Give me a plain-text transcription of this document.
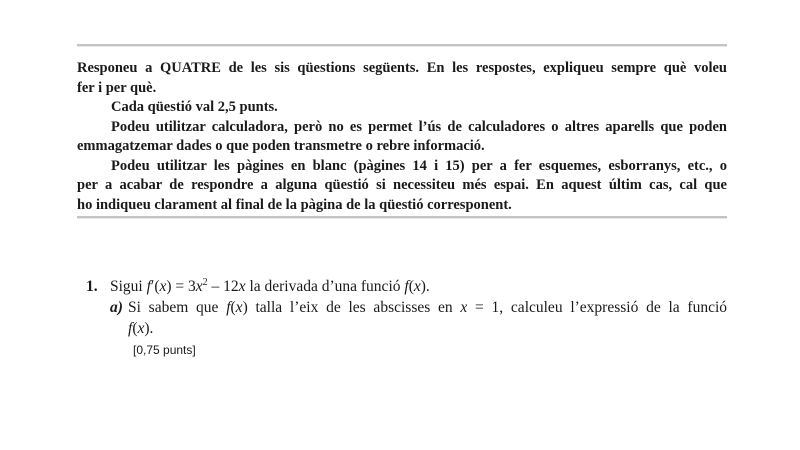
Responeu a QUATRE de les sis qüestions següents. En les respostes, expliqueu sempre què voleu
fer i per què.
Cada qüestió val 2,5 punts.
Podeu utilitzar calculadora, però no es permet l’ús de calculadores o altres aparells que poden
emmagatzemar dades o que poden transmetre o rebre informació.
Podeu utilitzar les pàgines en blanc (pàgines 14 i 15) per a fer esquemes, esborranys, etc., o
per a acabar de respondre a alguna qüestió si necessiteu més espai. En aquest últim cas, cal que
ho indiqueu clarament al final de la pàgina de la qüestió corresponent.
1. Sigui $f'(x) = 3x^2 - 12x$ la derivada d’una funció f(x).
a) Si sabem que f(x) talla l’eix de les abscisses en x = 1, calculeu l’expressió de la funció
f(x).
[0,75 punts]
